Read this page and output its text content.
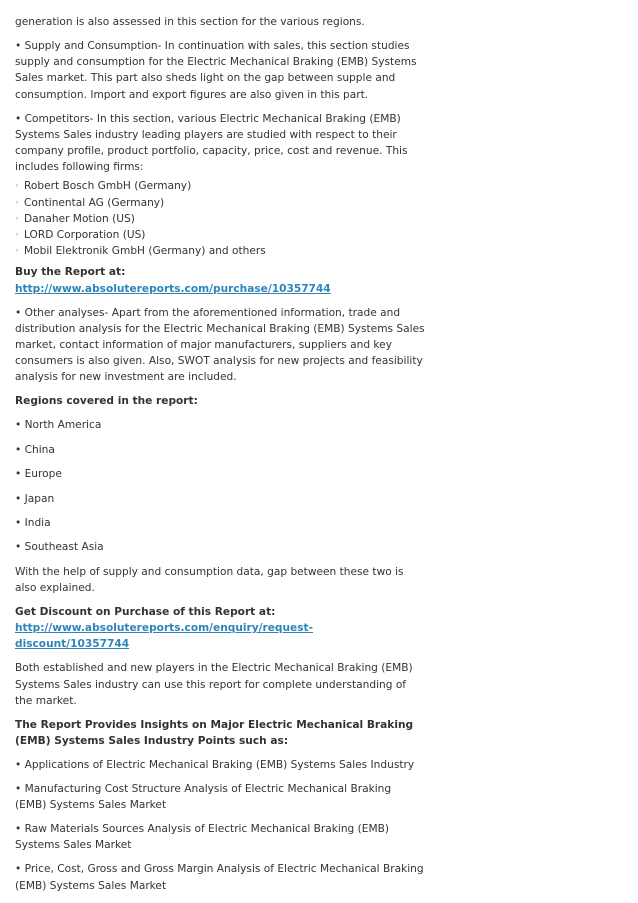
generation is also assessed in this section for the various regions.

• Supply and Consumption- In continuation with sales, this section studies supply and consumption for the Electric Mechanical Braking (EMB) Systems Sales market. This part also sheds light on the gap between supple and consumption. Import and export figures are also given in this part.

• Competitors- In this section, various Electric Mechanical Braking (EMB) Systems Sales industry leading players are studied with respect to their company profile, product portfolio, capacity, price, cost and revenue. This includes following firms:

◦ Robert Bosch GmbH (Germany)
◦ Continental AG (Germany)
◦ Danaher Motion (US)
◦ LORD Corporation (US)
◦ Mobil Elektronik GmbH (Germany) and others
Buy the Report at:
http://www.absolutereports.com/purchase/10357744

• Other analyses- Apart from the aforementioned information, trade and distribution analysis for the Electric Mechanical Braking (EMB) Systems Sales market, contact information of major manufacturers, suppliers and key consumers is also given. Also, SWOT analysis for new projects and feasibility analysis for new investment are included.

Regions covered in the report:

• North America

• China

• Europe

• Japan

• India

• Southeast Asia

With the help of supply and consumption data, gap between these two is also explained.

Get Discount on Purchase of this Report at:
http://www.absolutereports.com/enquiry/request-discount/10357744

Both established and new players in the Electric Mechanical Braking (EMB) Systems Sales industry can use this report for complete understanding of the market.

The Report Provides Insights on Major Electric Mechanical Braking (EMB) Systems Sales Industry Points such as:

• Applications of Electric Mechanical Braking (EMB) Systems Sales Industry

• Manufacturing Cost Structure Analysis of Electric Mechanical Braking (EMB) Systems Sales Market

• Raw Materials Sources Analysis of Electric Mechanical Braking (EMB) Systems Sales Market

• Price, Cost, Gross and Gross Margin Analysis of Electric Mechanical Braking (EMB) Systems Sales Market
